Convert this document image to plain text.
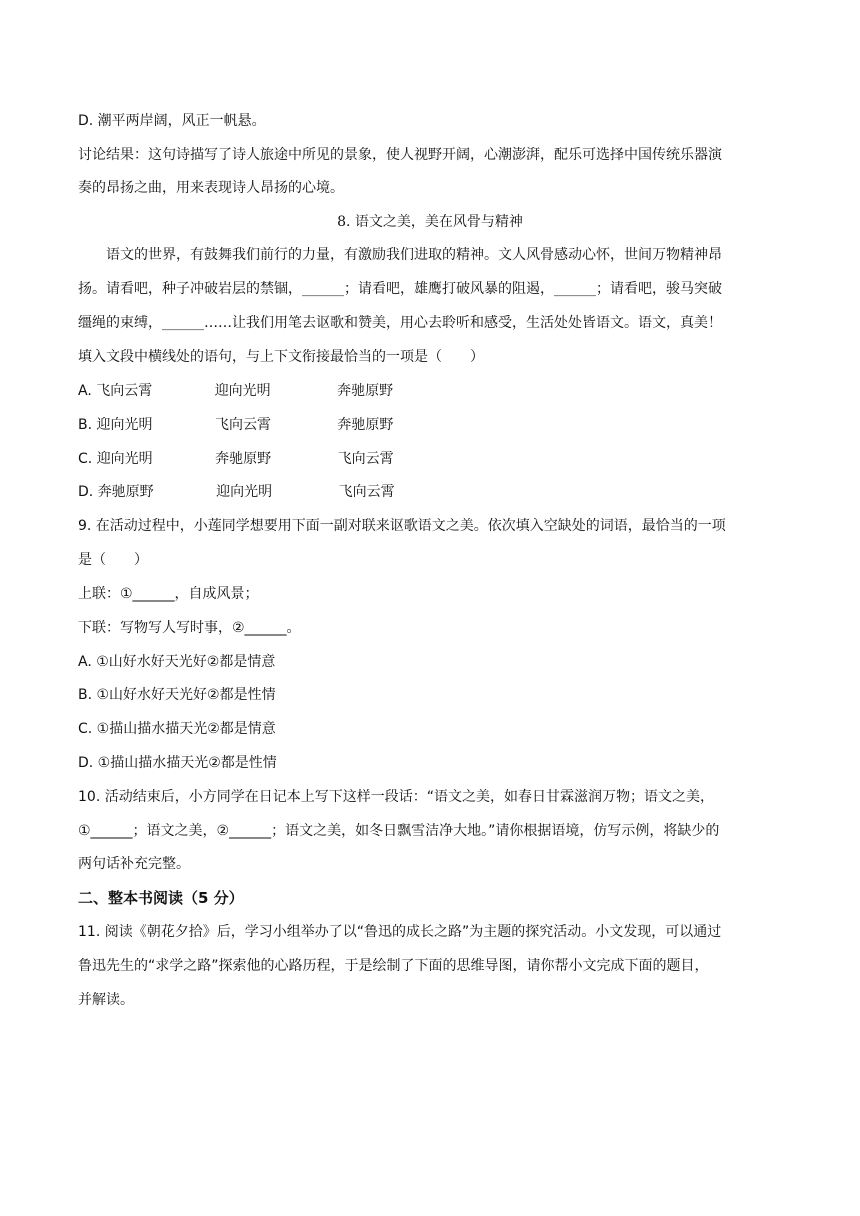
D. 潮平两岸阔，风正一帆悬。
讨论结果：这句诗描写了诗人旅途中所见的景象，使人视野开阔，心潮澎湃，配乐可选择中国传统乐器演
奏的昂扬之曲，用来表现诗人昂扬的心境。
8. 语文之美，美在风骨与精神
语文的世界，有鼓舞我们前行的力量，有激励我们进取的精神。文人风骨感动心怀，世间万物精神昂
扬。请看吧，种子冲破岩层的禁锢，______；请看吧，雄鹰打破风暴的阻遏，______；请看吧，骏马突破
缰绳的束缚，______……让我们用笔去讴歌和赞美，用心去聆听和感受，生活处处皆语文。语文，真美！
填入文段中横线处的语句，与上下文衔接最恰当的一项是（　　）
A. 飞向云霄	迎向光明	奔驰原野
B. 迎向光明	飞向云霄	奔驰原野
C. 迎向光明	奔驰原野	飞向云霄
D. 奔驰原野	迎向光明	飞向云霄
9. 在活动过程中，小莲同学想要用下面一副对联来讴歌语文之美。依次填入空缺处的词语，最恰当的一项
是（　　）
上联：①______，自成风景；
下联：写物写人写时事，②______。
A. ①山好水好天光好②都是情意
B. ①山好水好天光好②都是性情
C. ①描山描水描天光②都是情意
D. ①描山描水描天光②都是性情
10. 活动结束后，小方同学在日记本上写下这样一段话：“语文之美，如春日甘霖滋润万物；语文之美，
①______；语文之美，②______；语文之美，如冬日飘雪洁净大地。”请你根据语境，仿写示例，将缺少的
两句话补充完整。
二、整本书阅读（5 分）
11. 阅读《朝花夕拾》后，学习小组举办了以“鲁迅的成长之路”为主题的探究活动。小文发现，可以通过
鲁迅先生的“求学之路”探索他的心路历程，于是绘制了下面的思维导图，请你帮小文完成下面的题目，
并解读。
